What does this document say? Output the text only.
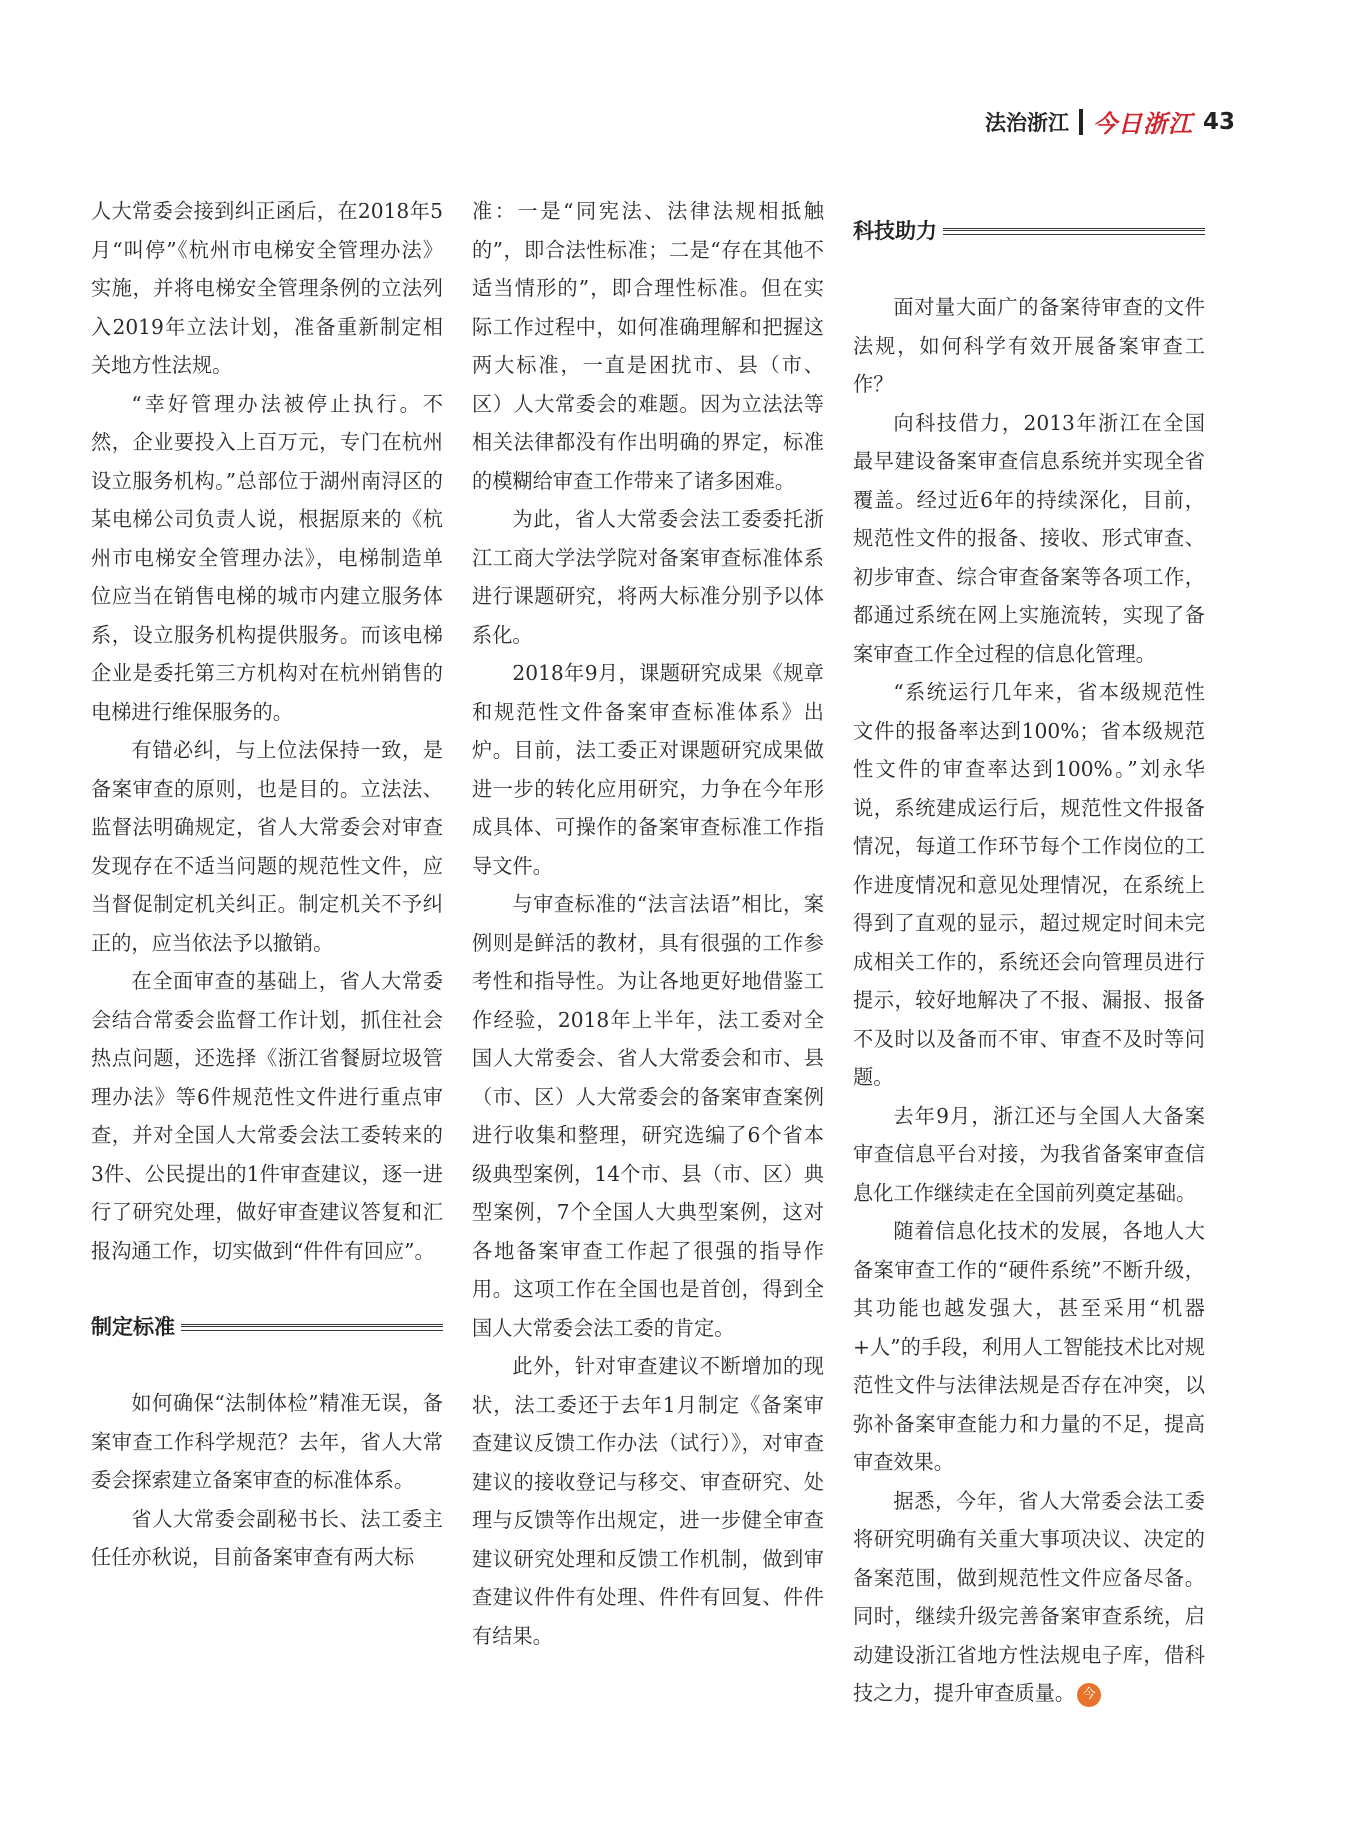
法治浙江 今日浙江 43

人大常委会接到纠正函后，在2018年5月“叫停”《杭州市电梯安全管理办法》实施，并将电梯安全管理条例的立法列入2019年立法计划，准备重新制定相关地方性法规。

“幸好管理办法被停止执行。不然，企业要投入上百万元，专门在杭州设立服务机构。”总部位于湖州南浔区的某电梯公司负责人说，根据原来的《杭州市电梯安全管理办法》，电梯制造单位应当在销售电梯的城市内建立服务体系，设立服务机构提供服务。而该电梯企业是委托第三方机构对在杭州销售的电梯进行维保服务的。

有错必纠，与上位法保持一致，是备案审查的原则，也是目的。立法法、监督法明确规定，省人大常委会对审查发现存在不适当问题的规范性文件，应当督促制定机关纠正。制定机关不予纠正的，应当依法予以撤销。

在全面审查的基础上，省人大常委会结合常委会监督工作计划，抓住社会热点问题，还选择《浙江省餐厨垃圾管理办法》等6件规范性文件进行重点审查，并对全国人大常委会法工委转来的3件、公民提出的1件审查建议，逐一进行了研究处理，做好审查建议答复和汇报沟通工作，切实做到“件件有回应”。

制定标准

如何确保“法制体检”精准无误，备案审查工作科学规范？去年，省人大常委会探索建立备案审查的标准体系。

省人大常委会副秘书长、法工委主任任亦秋说，目前备案审查有两大标

准：一是“同宪法、法律法规相抵触的”，即合法性标准；二是“存在其他不适当情形的”，即合理性标准。但在实际工作过程中，如何准确理解和把握这两大标准，一直是困扰市、县（市、区）人大常委会的难题。因为立法法等相关法律都没有作出明确的界定，标准的模糊给审查工作带来了诸多困难。

为此，省人大常委会法工委委托浙江工商大学法学院对备案审查标准体系进行课题研究，将两大标准分别予以体系化。

2018年9月，课题研究成果《规章和规范性文件备案审查标准体系》出炉。目前，法工委正对课题研究成果做进一步的转化应用研究，力争在今年形成具体、可操作的备案审查标准工作指导文件。

与审查标准的“法言法语”相比，案例则是鲜活的教材，具有很强的工作参考性和指导性。为让各地更好地借鉴工作经验，2018年上半年，法工委对全国人大常委会、省人大常委会和市、县（市、区）人大常委会的备案审查案例进行收集和整理，研究选编了6个省本级典型案例，14个市、县（市、区）典型案例，7个全国人大典型案例，这对各地备案审查工作起了很强的指导作用。这项工作在全国也是首创，得到全国人大常委会法工委的肯定。

此外，针对审查建议不断增加的现状，法工委还于去年1月制定《备案审查建议反馈工作办法（试行）》，对审查建议的接收登记与移交、审查研究、处理与反馈等作出规定，进一步健全审查建议研究处理和反馈工作机制，做到审查建议件件有处理、件件有回复、件件有结果。

科技助力

面对量大面广的备案待审查的文件法规，如何科学有效开展备案审查工作？

向科技借力，2013年浙江在全国最早建设备案审查信息系统并实现全省覆盖。经过近6年的持续深化，目前，规范性文件的报备、接收、形式审查、初步审查、综合审查备案等各项工作，都通过系统在网上实施流转，实现了备案审查工作全过程的信息化管理。

“系统运行几年来，省本级规范性文件的报备率达到100%；省本级规范性文件的审查率达到100%。”刘永华说，系统建成运行后，规范性文件报备情况，每道工作环节每个工作岗位的工作进度情况和意见处理情况，在系统上得到了直观的显示，超过规定时间未完成相关工作的，系统还会向管理员进行提示，较好地解决了不报、漏报、报备不及时以及备而不审、审查不及时等问题。

去年9月，浙江还与全国人大备案审查信息平台对接，为我省备案审查信息化工作继续走在全国前列奠定基础。

随着信息化技术的发展，各地人大备案审查工作的“硬件系统”不断升级，其功能也越发强大，甚至采用“机器+人”的手段，利用人工智能技术比对规范性文件与法律法规是否存在冲突，以弥补备案审查能力和力量的不足，提高审查效果。

据悉，今年，省人大常委会法工委将研究明确有关重大事项决议、决定的备案范围，做到规范性文件应备尽备。同时，继续升级完善备案审查系统，启动建设浙江省地方性法规电子库，借科技之力，提升审查质量。 今
